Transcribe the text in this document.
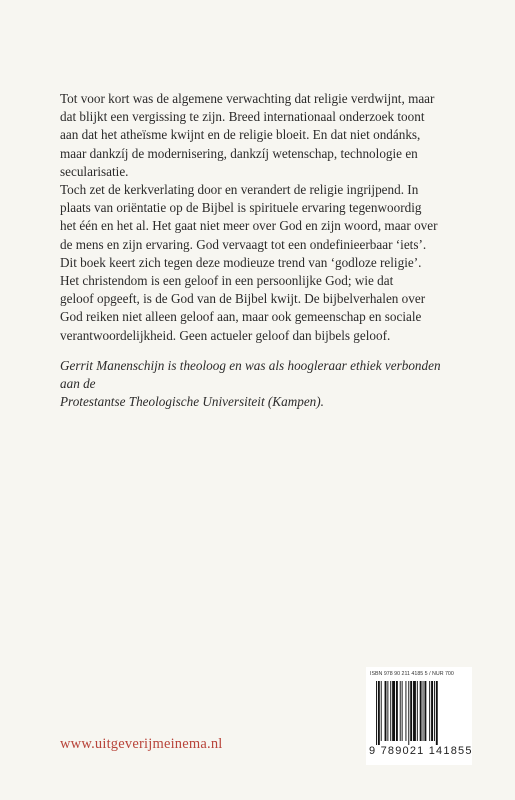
Tot voor kort was de algemene verwachting dat religie verdwijnt, maar

dat blijkt een vergissing te zijn. Breed internationaal onderzoek toont

aan dat het atheïsme kwijnt en de religie bloeit. En dat niet ondánks,

maar dankzíj de modernisering, dankzíj wetenschap, technologie en

secularisatie.

Toch zet de kerkverlating door en verandert de religie ingrijpend. In

plaats van oriëntatie op de Bijbel is spirituele ervaring tegenwoordig

het één en het al. Het gaat niet meer over God en zijn woord, maar over

de mens en zijn ervaring. God vervaagt tot een ondefinieerbaar ‘iets’.

Dit boek keert zich tegen deze modieuze trend van ‘godloze religie’.

Het christendom is een geloof in een persoonlijke God; wie dat

geloof opgeeft, is de God van de Bijbel kwijt. De bijbelverhalen over

God reiken niet alleen geloof aan, maar ook gemeenschap en sociale

verantwoordelijkheid. Geen actueler geloof dan bijbels geloof.

Gerrit Manenschijn is theoloog en was als hoogleraar ethiek verbonden aan de
Protestantse Theologische Universiteit (Kampen).
www.uitgeverijmeinema.nl
ISBN 978 90 211 4185 5 / NUR 700
9 789021 141855
